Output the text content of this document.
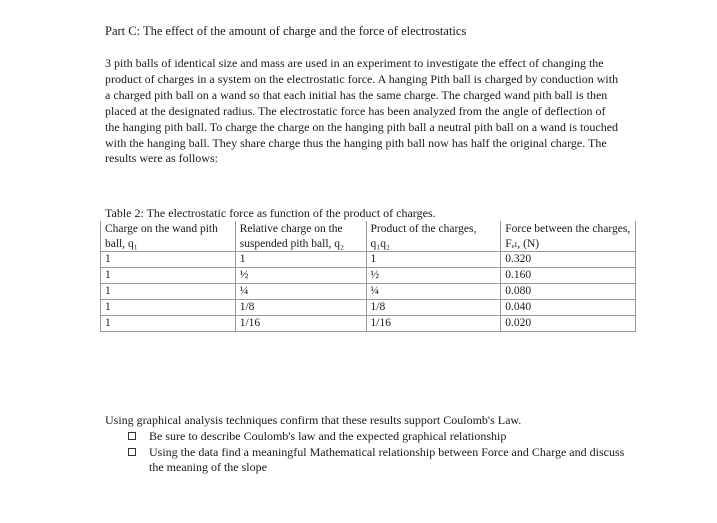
Part C: The effect of the amount of charge and the force of electrostatics
3 pith balls of identical size and mass are used in an experiment to investigate the effect of changing the product of charges in a system on the electrostatic force. A hanging Pith ball is charged by conduction with a charged pith ball on a wand so that each initial has the same charge. The charged wand pith ball is then placed at the designated radius. The electrostatic force has been analyzed from the angle of deflection of the hanging pith ball. To charge the charge on the hanging pith ball a neutral pith ball on a wand is touched with the hanging ball. They share charge thus the hanging pith ball now has half the original charge. The results were as follows:
Table 2: The electrostatic force as function of the product of charges.
Charge on the wand pith ball, q₁	Relative charge on the suspended pith ball, q₂	Product of the charges, q₁q₂	Force between the charges, Fₑₗ, (N)
1	1	1	0.320
1	½	½	0.160
1	¼	¼	0.080
1	1/8	1/8	0.040
1	1/16	1/16	0.020
Using graphical analysis techniques confirm that these results support Coulomb's Law.
Be sure to describe Coulomb's law and the expected graphical relationship
Using the data find a meaningful Mathematical relationship between Force and Charge and discuss the meaning of the slope
